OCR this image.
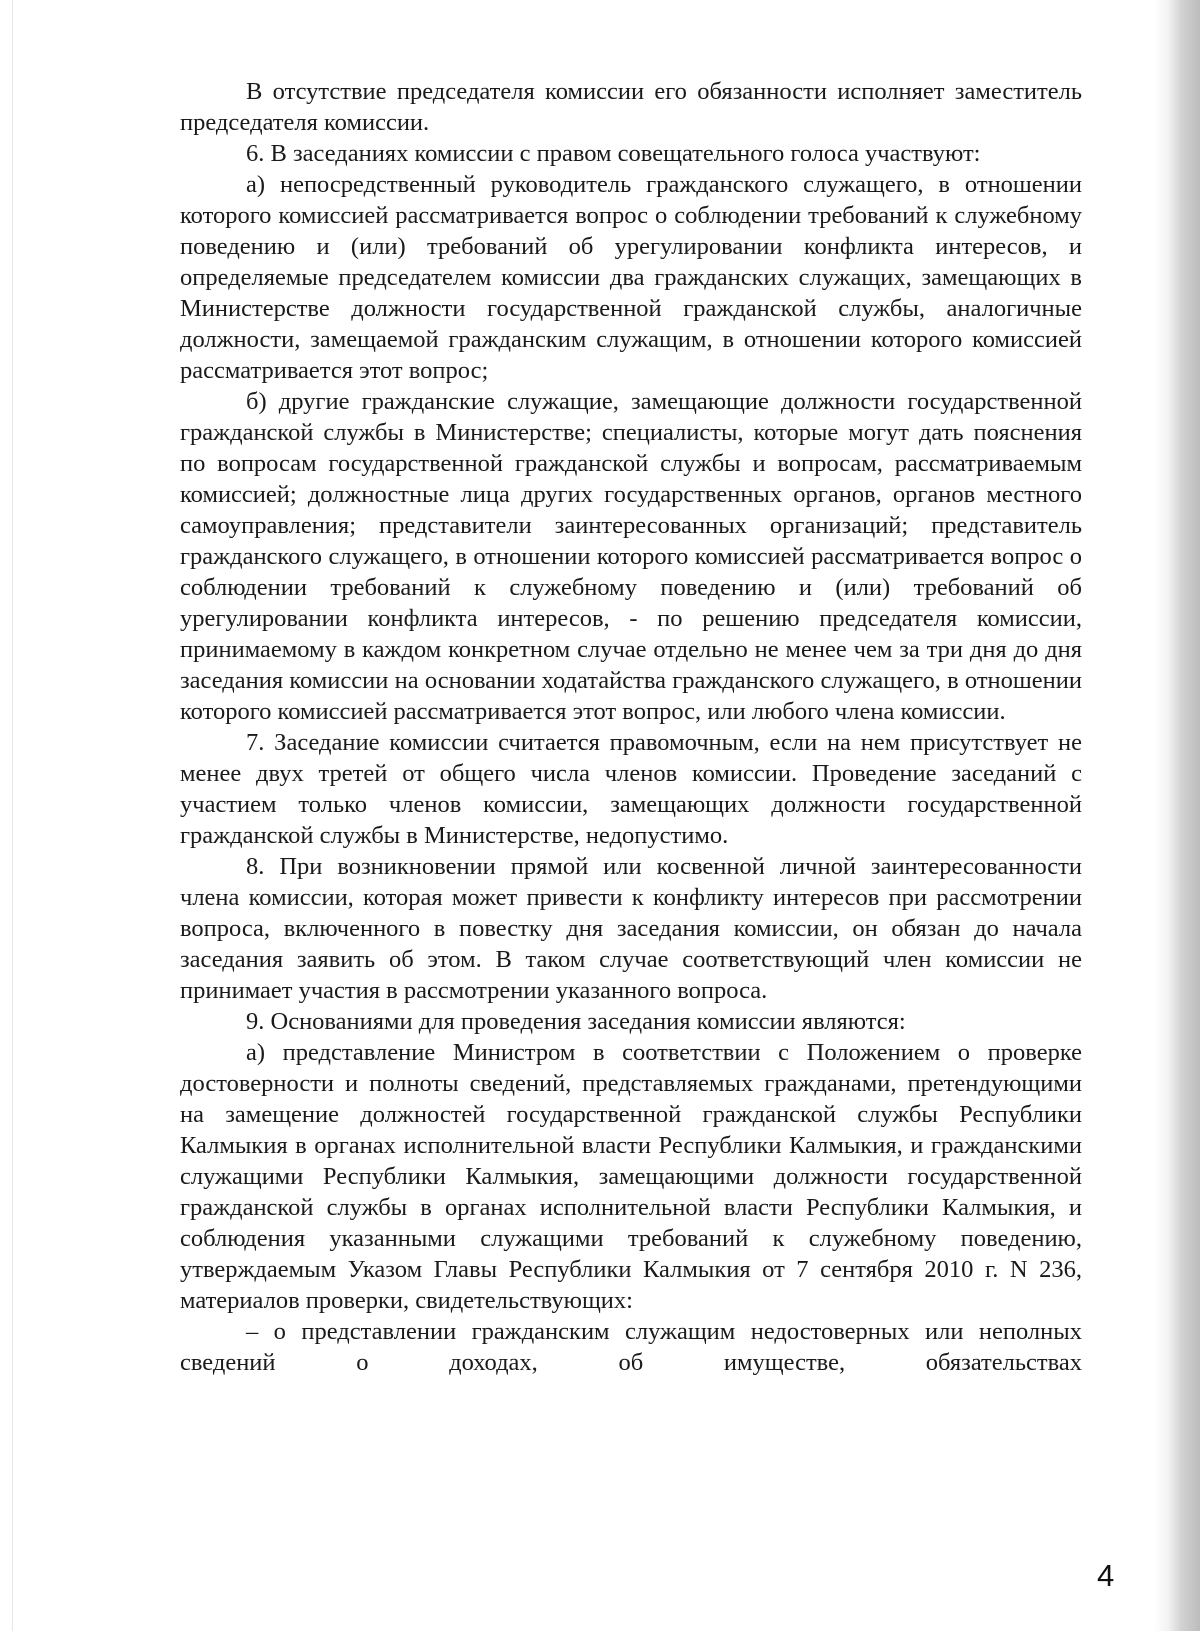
В отсутствие председателя комиссии его обязанности исполняет заместитель председателя комиссии.

6. В заседаниях комиссии с правом совещательного голоса участвуют:

а) непосредственный руководитель гражданского служащего, в отношении которого комиссией рассматривается вопрос о соблюдении требований к служебному поведению и (или) требований об урегулировании конфликта интересов, и определяемые председателем комиссии два гражданских служащих, замещающих в Министерстве должности государственной гражданской службы, аналогичные должности, замещаемой гражданским служащим, в отношении которого комиссией рассматривается этот вопрос;

б) другие гражданские служащие, замещающие должности государственной гражданской службы в Министерстве; специалисты, которые могут дать пояснения по вопросам государственной гражданской службы и вопросам, рассматриваемым комиссией; должностные лица других государственных органов, органов местного самоуправления; представители заинтересованных организаций; представитель гражданского служащего, в отношении которого комиссией рассматривается вопрос о соблюдении требований к служебному поведению и (или) требований об урегулировании конфликта интересов, - по решению председателя комиссии, принимаемому в каждом конкретном случае отдельно не менее чем за три дня до дня заседания комиссии на основании ходатайства гражданского служащего, в отношении которого комиссией рассматривается этот вопрос, или любого члена комиссии.

7. Заседание комиссии считается правомочным, если на нем присутствует не менее двух третей от общего числа членов комиссии. Проведение заседаний с участием только членов комиссии, замещающих должности государственной гражданской службы в Министерстве, недопустимо.

8. При возникновении прямой или косвенной личной заинтересованности члена комиссии, которая может привести к конфликту интересов при рассмотрении вопроса, включенного в повестку дня заседания комиссии, он обязан до начала заседания заявить об этом. В таком случае соответствующий член комиссии не принимает участия в рассмотрении указанного вопроса.

9. Основаниями для проведения заседания комиссии являются:

а) представление Министром в соответствии с Положением о проверке достоверности и полноты сведений, представляемых гражданами, претендующими на замещение должностей государственной гражданской службы Республики Калмыкия в органах исполнительной власти Республики Калмыкия, и гражданскими служащими Республики Калмыкия, замещающими должности государственной гражданской службы в органах исполнительной власти Республики Калмыкия, и соблюдения указанными служащими требований к служебному поведению, утверждаемым Указом Главы Республики Калмыкия от 7 сентября 2010 г. N 236, материалов проверки, свидетельствующих:

– о представлении гражданским служащим недостоверных или неполных сведений о доходах, об имуществе, обязательствах

4
